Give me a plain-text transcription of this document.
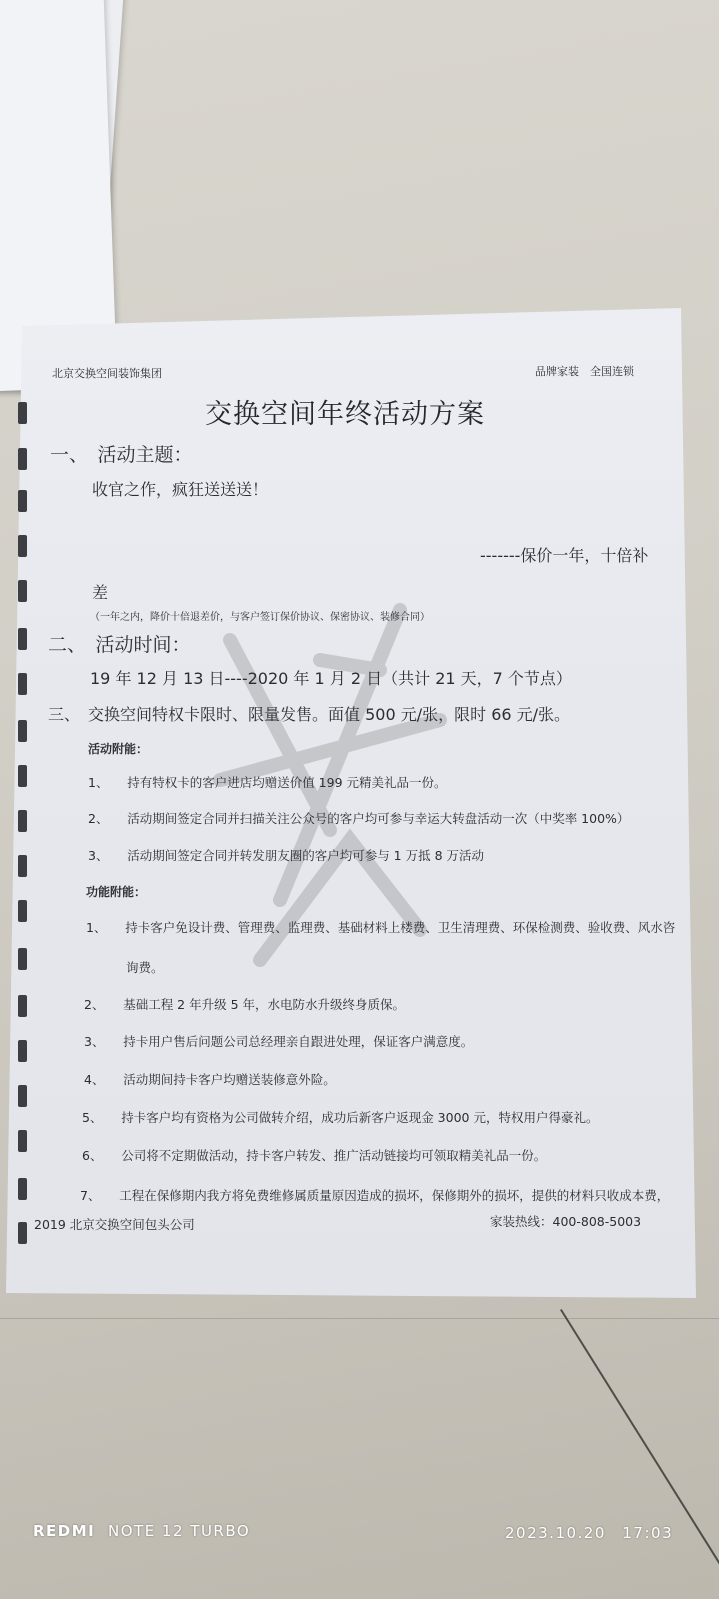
北京交换空间装饰集团	品牌家装　全国连锁
交换空间年终活动方案
一、　活动主题：
收官之作，疯狂送送送！
-------保价一年，十倍补
差
（一年之内，降价十倍退差价，与客户签订保价协议、保密协议、装修合同）
二、　活动时间：
19 年 12 月 13 日----2020 年 1 月 2 日（共计 21 天，7 个节点）
三、　交换空间特权卡限时、限量发售。面值 500 元/张，限时 66 元/张。
活动附能：
1、　　持有特权卡的客户进店均赠送价值 199 元精美礼品一份。
2、　　活动期间签定合同并扫描关注公众号的客户均可参与幸运大转盘活动一次（中奖率 100%）
3、　　活动期间签定合同并转发朋友圈的客户均可参与 1 万抵 8 万活动
功能附能：
1、　　持卡客户免设计费、管理费、监理费、基础材料上楼费、卫生清理费、环保检测费、验收费、风水咨
询费。
2、　　基础工程 2 年升级 5 年，水电防水升级终身质保。
3、　　持卡用户售后问题公司总经理亲自跟进处理，保证客户满意度。
4、　　活动期间持卡客户均赠送装修意外险。
5、　　持卡客户均有资格为公司做转介绍，成功后新客户返现金 3000 元，特权用户得豪礼。
6、　　公司将不定期做活动，持卡客户转发、推广活动链接均可领取精美礼品一份。
7、　　工程在保修期内我方将免费维修属质量原因造成的损坏，保修期外的损坏，提供的材料只收成本费，
2019 北京交换空间包头公司	家装热线：400-808-5003
REDMI NOTE 12 TURBO	2023.10.20　17:03
